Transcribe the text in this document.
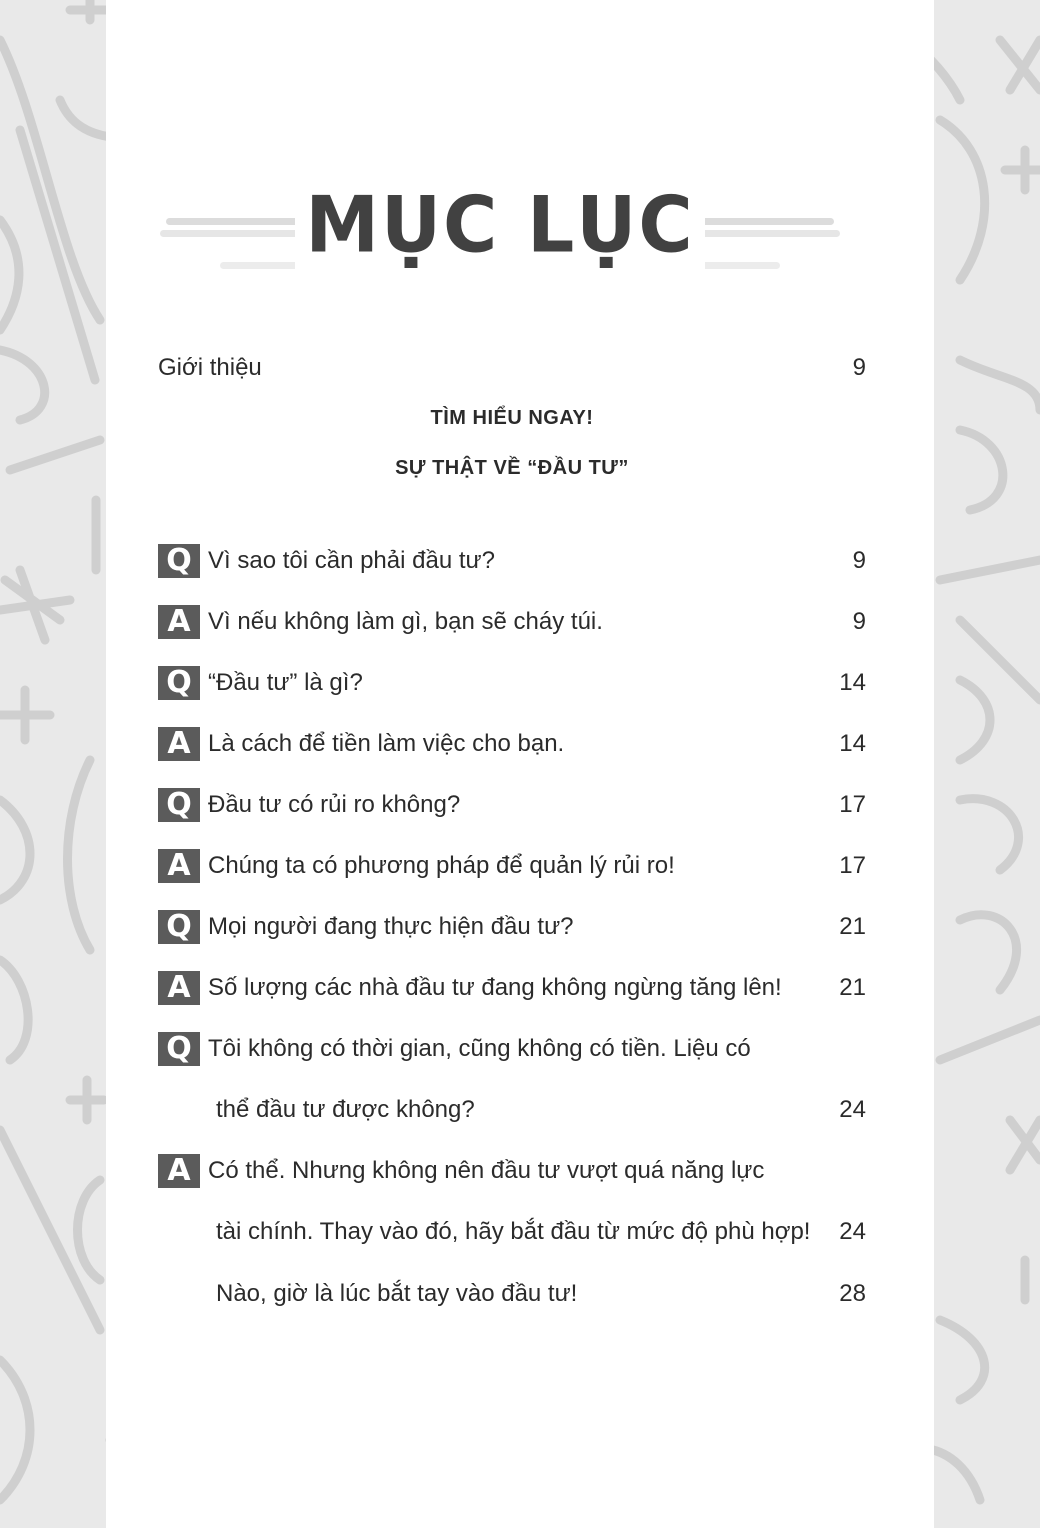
MỤC LỤC
Giới thiệu	9
TÌM HIỂU NGAY!
SỰ THẬT VỀ “ĐẦU TƯ”
Q Vì sao tôi cần phải đầu tư?	9
A Vì nếu không làm gì, bạn sẽ cháy túi.	9
Q “Đầu tư” là gì?	14
A Là cách để tiền làm việc cho bạn.	14
Q Đầu tư có rủi ro không?	17
A Chúng ta có phương pháp để quản lý rủi ro!	17
Q Mọi người đang thực hiện đầu tư?	21
A Số lượng các nhà đầu tư đang không ngừng tăng lên! 21
Q Tôi không có thời gian, cũng không có tiền. Liệu có
thể đầu tư được không?	24
A Có thể. Nhưng không nên đầu tư vượt quá năng lực
tài chính. Thay vào đó, hãy bắt đầu từ mức độ phù hợp! 24
Nào, giờ là lúc bắt tay vào đầu tư!	28
